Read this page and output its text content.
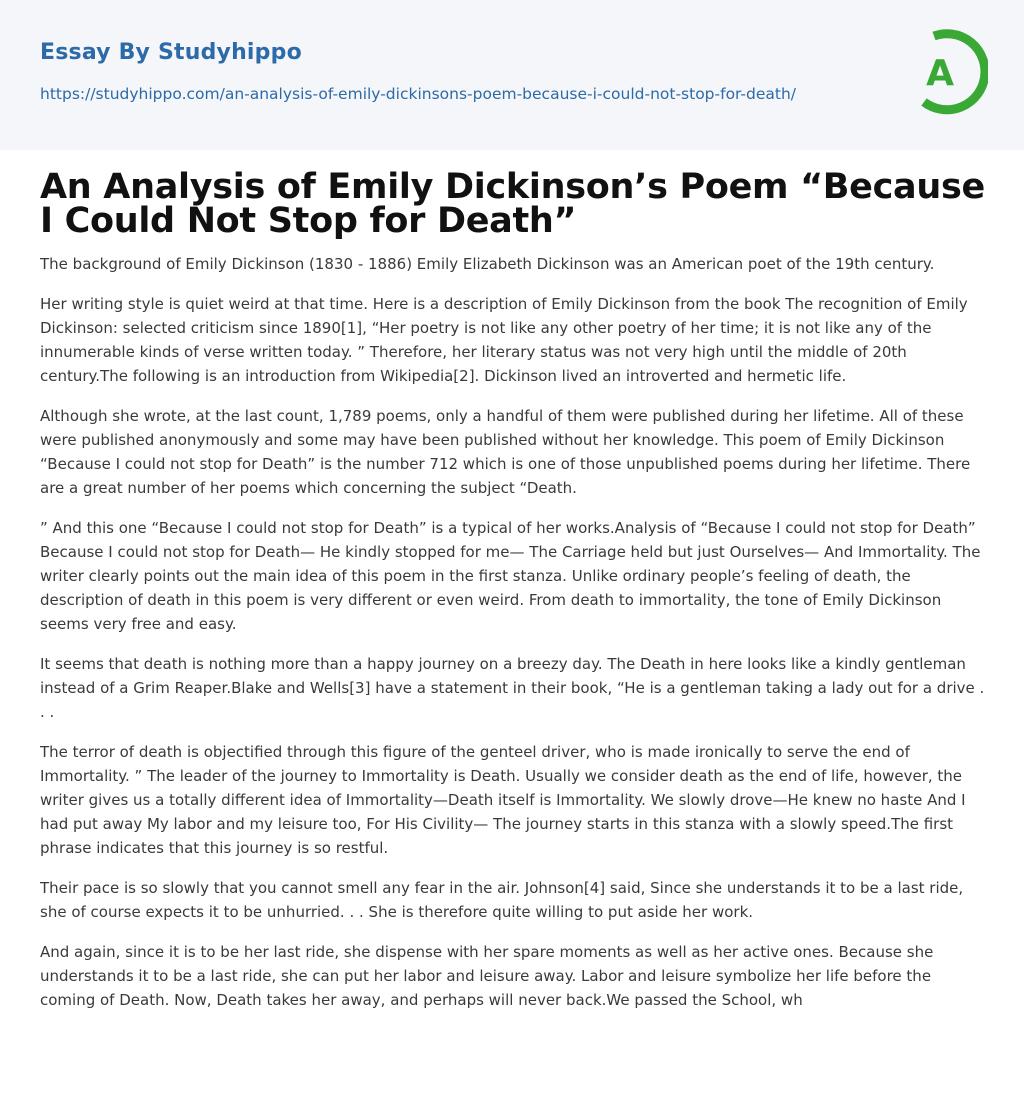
Essay By Studyhippo
https://studyhippo.com/an-analysis-of-emily-dickinsons-poem-because-i-could-not-stop-for-death/	A
An Analysis of Emily Dickinson’s Poem “Because I Could Not Stop for Death”

The background of Emily Dickinson (1830 - 1886) Emily Elizabeth Dickinson was an American poet of the 19th century.

Her writing style is quiet weird at that time. Here is a description of Emily Dickinson from the book The recognition of Emily Dickinson: selected criticism since 1890[1], “Her poetry is not like any other poetry of her time; it is not like any of the innumerable kinds of verse written today. ” Therefore, her literary status was not very high until the middle of 20th century.The following is an introduction from Wikipedia[2]. Dickinson lived an introverted and hermetic life.

Although she wrote, at the last count, 1,789 poems, only a handful of them were published during her lifetime. All of these were published anonymously and some may have been published without her knowledge. This poem of Emily Dickinson “Because I could not stop for Death” is the number 712 which is one of those unpublished poems during her lifetime. There are a great number of her poems which concerning the subject “Death.

” And this one “Because I could not stop for Death” is a typical of her works.Analysis of “Because I could not stop for Death” Because I could not stop for Death— He kindly stopped for me— The Carriage held but just Ourselves— And Immortality. The writer clearly points out the main idea of this poem in the first stanza. Unlike ordinary people’s feeling of death, the description of death in this poem is very different or even weird. From death to immortality, the tone of Emily Dickinson seems very free and easy.

It seems that death is nothing more than a happy journey on a breezy day. The Death in here looks like a kindly gentleman instead of a Grim Reaper.Blake and Wells[3] have a statement in their book, “He is a gentleman taking a lady out for a drive . . .

The terror of death is objectified through this figure of the genteel driver, who is made ironically to serve the end of Immortality. ” The leader of the journey to Immortality is Death. Usually we consider death as the end of life, however, the writer gives us a totally different idea of Immortality—Death itself is Immortality. We slowly drove—He knew no haste And I had put away My labor and my leisure too, For His Civility— The journey starts in this stanza with a slowly speed.The first phrase indicates that this journey is so restful.

Their pace is so slowly that you cannot smell any fear in the air. Johnson[4] said, Since she understands it to be a last ride, she of course expects it to be unhurried. . . She is therefore quite willing to put aside her work.

And again, since it is to be her last ride, she dispense with her spare moments as well as her active ones. Because she understands it to be a last ride, she can put her labor and leisure away. Labor and leisure symbolize her life before the coming of Death. Now, Death takes her away, and perhaps will never back.We passed the School, wh
